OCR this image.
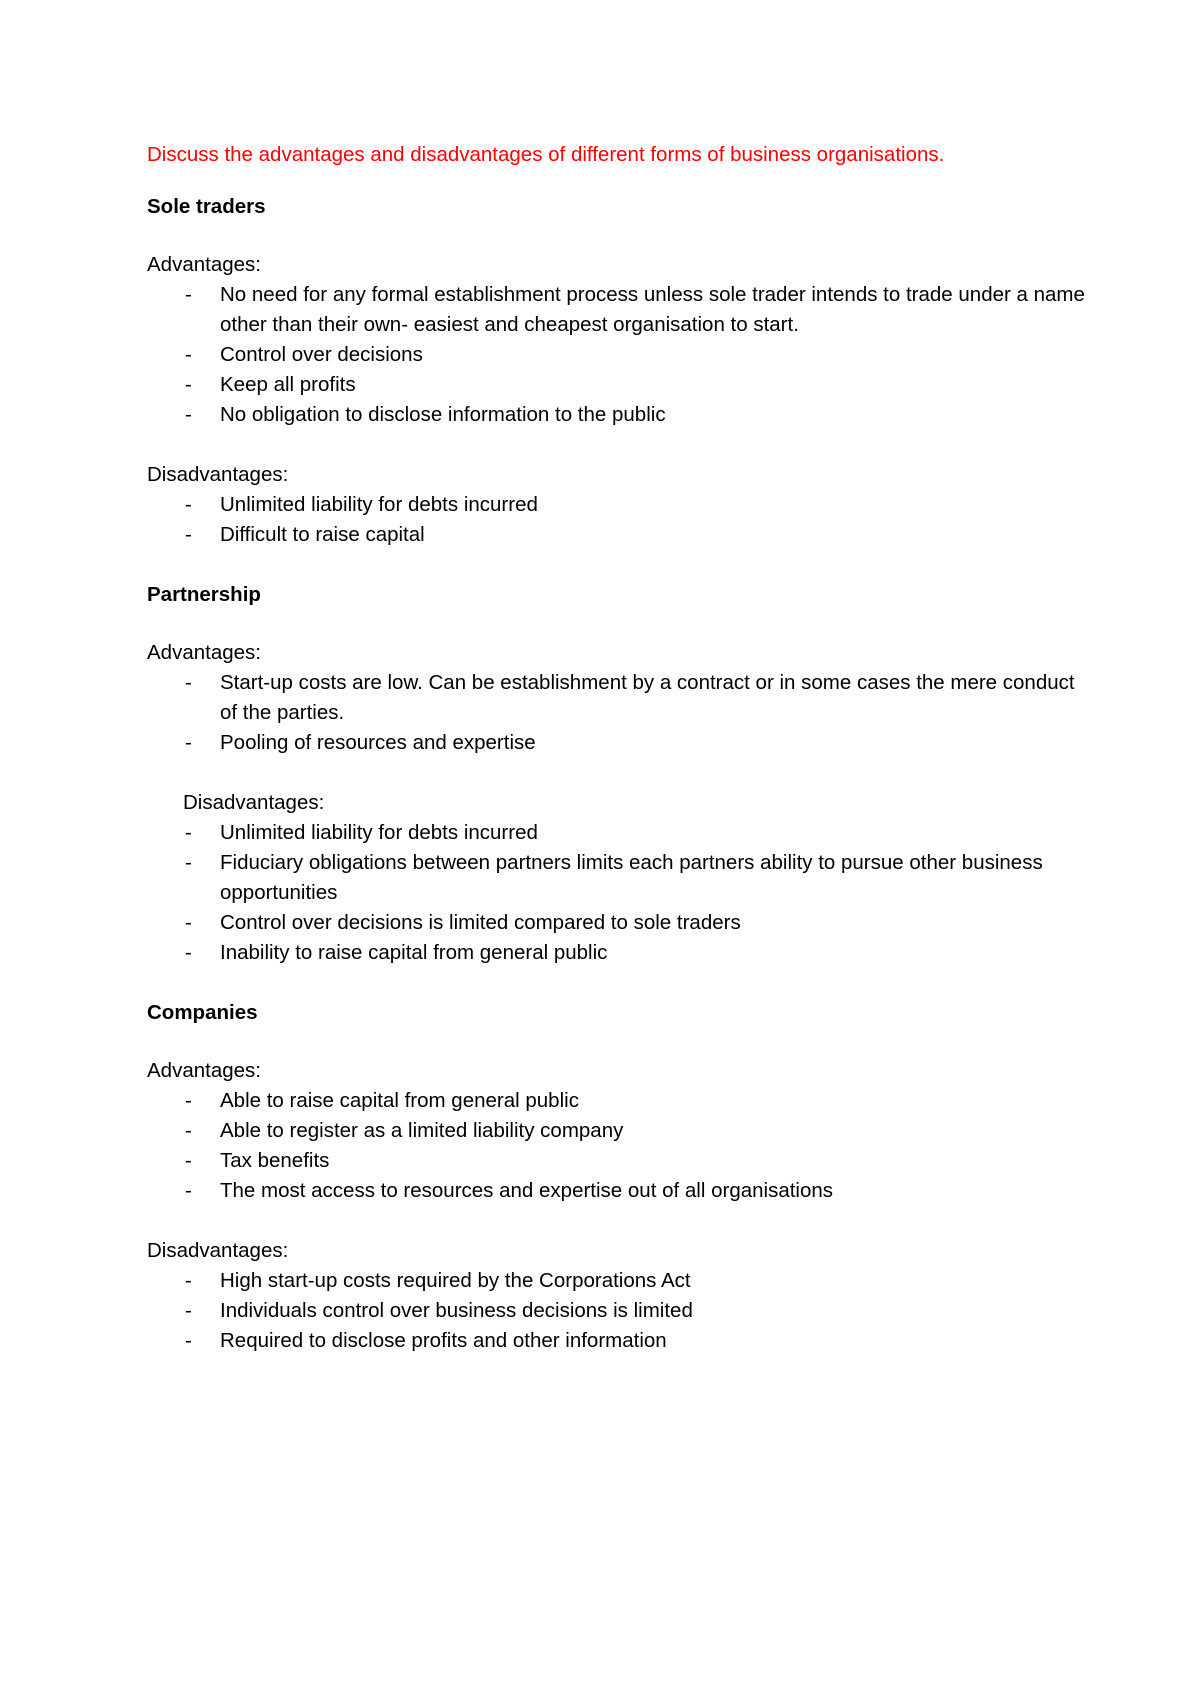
Discuss the advantages and disadvantages of different forms of business organisations.

Sole traders

Advantages:

- No need for any formal establishment process unless sole trader intends to trade under a name other than their own- easiest and cheapest organisation to start.
- Control over decisions
- Keep all profits
- No obligation to disclose information to the public

Disadvantages:

- Unlimited liability for debts incurred
- Difficult to raise capital

Partnership

Advantages:

- Start-up costs are low. Can be establishment by a contract or in some cases the mere conduct of the parties.
- Pooling of resources and expertise

Disadvantages:

- Unlimited liability for debts incurred
- Fiduciary obligations between partners limits each partners ability to pursue other business opportunities
- Control over decisions is limited compared to sole traders
- Inability to raise capital from general public

Companies

Advantages:

- Able to raise capital from general public
- Able to register as a limited liability company
- Tax benefits
- The most access to resources and expertise out of all organisations

Disadvantages:

- High start-up costs required by the Corporations Act
- Individuals control over business decisions is limited
- Required to disclose profits and other information
